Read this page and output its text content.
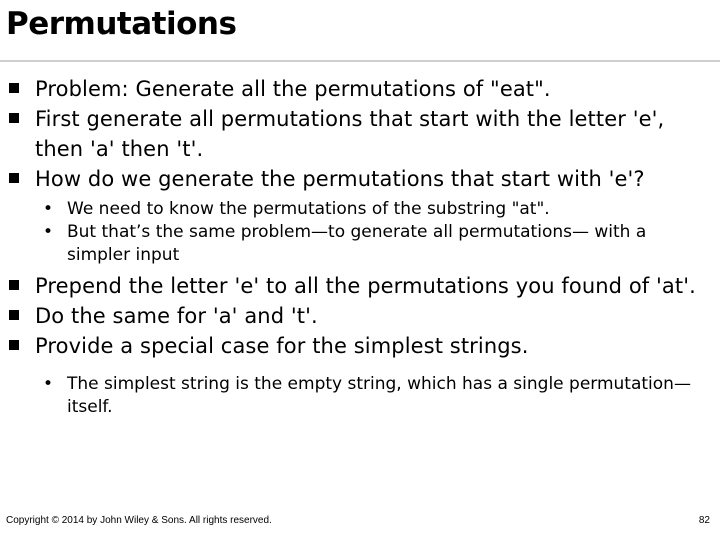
Permutations
Problem: Generate all the permutations of "eat".
First generate all permutations that start with the letter 'e', then 'a' then 't'.
How do we generate the permutations that start with 'e'?
• We need to know the permutations of the substring "at".
• But that’s the same problem—to generate all permutations— with a simpler input
Prepend the letter 'e' to all the permutations you found of 'at'.
Do the same for 'a' and 't'.
Provide a special case for the simplest strings.
• The simplest string is the empty string, which has a single permutation—itself.
Copyright © 2014 by John Wiley & Sons. All rights reserved.	82
